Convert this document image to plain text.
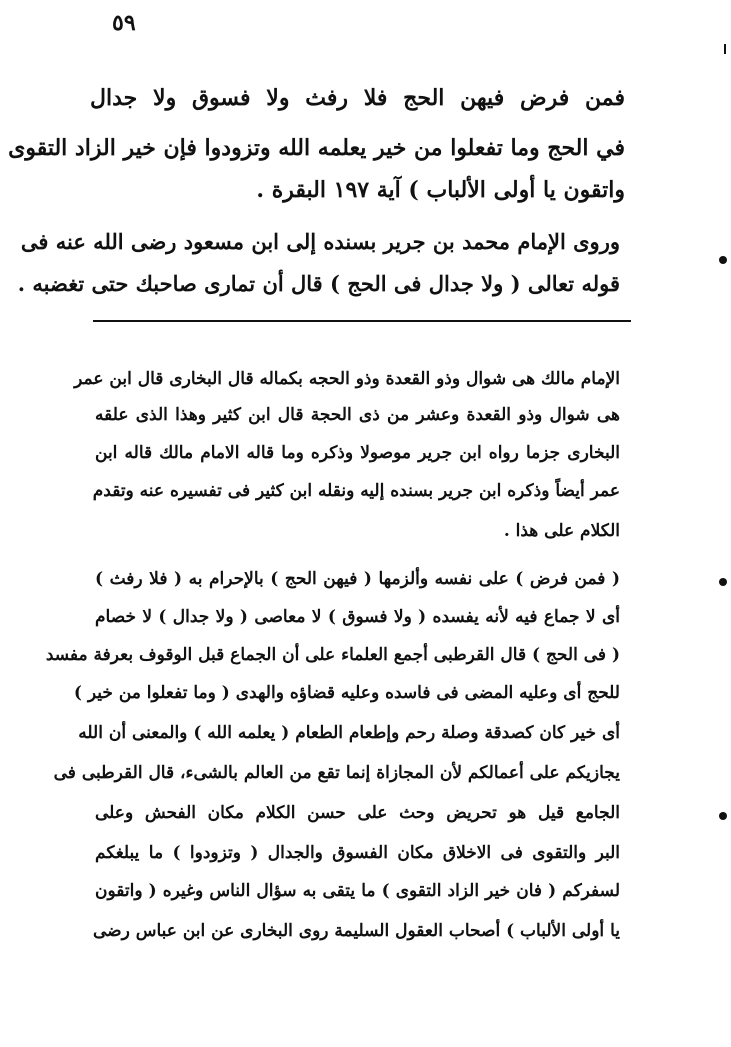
٥٩
فمن فرض فيهن الحج فلا رفث ولا فسوق ولا جدال
في الحج وما تفعلوا من خير يعلمه الله وتزودوا فإن خير الزاد التقوى
واتقون يا أولى الألباب ) آية ١٩٧ البقرة .
وروى الإمام محمد بن جرير بسنده إلى ابن مسعود رضى الله عنه فى
قوله تعالى ( ولا جدال فى الحج ) قال أن تمارى صاحبك حتى تغضبه .
الإمام مالك هى شوال وذو القعدة وذو الحجه بكماله قال البخارى قال ابن عمر
هى شوال وذو القعدة وعشر من ذى الحجة قال ابن كثير وهذا الذى علقه
البخارى جزما رواه ابن جرير موصولا وذكره وما قاله الامام مالك قاله ابن
عمر أيضاً وذكره ابن جرير بسنده إليه ونقله ابن كثير فى تفسيره عنه وتقدم
الكلام على هذا .
( فمن فرض ) على نفسه وألزمها ( فيهن الحج ) بالإحرام به ( فلا رفث )
أى لا جماع فيه لأنه يفسده ( ولا فسوق ) لا معاصى ( ولا جدال ) لا خصام
( فى الحج ) قال القرطبى أجمع العلماء على أن الجماع قبل الوقوف بعرفة مفسد
للحج أى وعليه المضى فى فاسده وعليه قضاؤه والهدى ( وما تفعلوا من خير )
أى خير كان كصدقة وصلة رحم وإطعام الطعام ( يعلمه الله ) والمعنى أن الله
يجازيكم على أعمالكم لأن المجازاة إنما تقع من العالم بالشىء، قال القرطبى فى
الجامع قيل هو تحريض وحث على حسن الكلام مكان الفحش وعلى
البر والتقوى فى الاخلاق مكان الفسوق والجدال ( وتزودوا ) ما يبلغكم
لسفركم ( فان خير الزاد التقوى ) ما يتقى به سؤال الناس وغيره ( واتقون
يا أولى الألباب ) أصحاب العقول السليمة روى البخارى عن ابن عباس رضى
